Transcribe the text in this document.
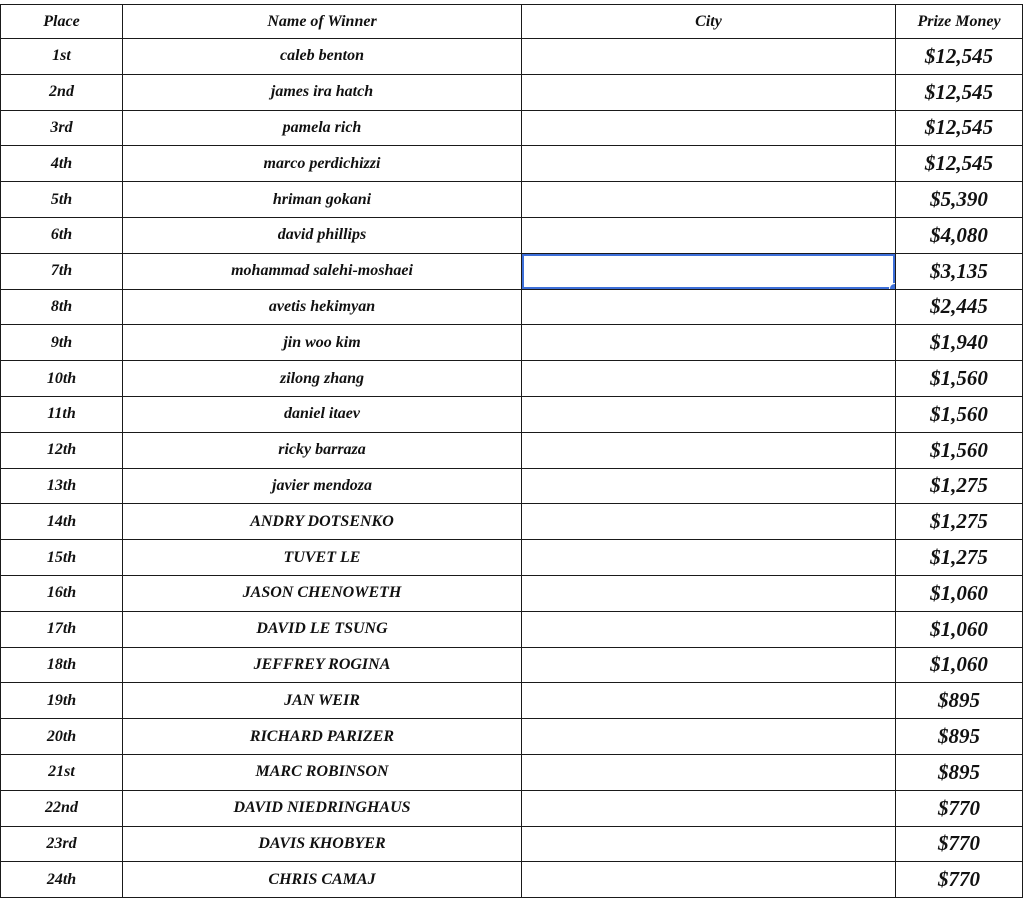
Place	Name of Winner	City	Prize Money
1st	caleb benton		$12,545
2nd	james ira hatch		$12,545
3rd	pamela rich		$12,545
4th	marco perdichizzi		$12,545
5th	hriman gokani		$5,390
6th	david phillips		$4,080
7th	mohammad salehi-moshaei		$3,135
8th	avetis hekimyan		$2,445
9th	jin woo kim		$1,940
10th	zilong zhang		$1,560
11th	daniel itaev		$1,560
12th	ricky barraza		$1,560
13th	javier mendoza		$1,275
14th	ANDRY DOTSENKO		$1,275
15th	TUVET LE		$1,275
16th	JASON CHENOWETH		$1,060
17th	DAVID LE TSUNG		$1,060
18th	JEFFREY ROGINA		$1,060
19th	JAN WEIR		$895
20th	RICHARD PARIZER		$895
21st	MARC ROBINSON		$895
22nd	DAVID NIEDRINGHAUS		$770
23rd	DAVIS KHOBYER		$770
24th	CHRIS CAMAJ		$770
